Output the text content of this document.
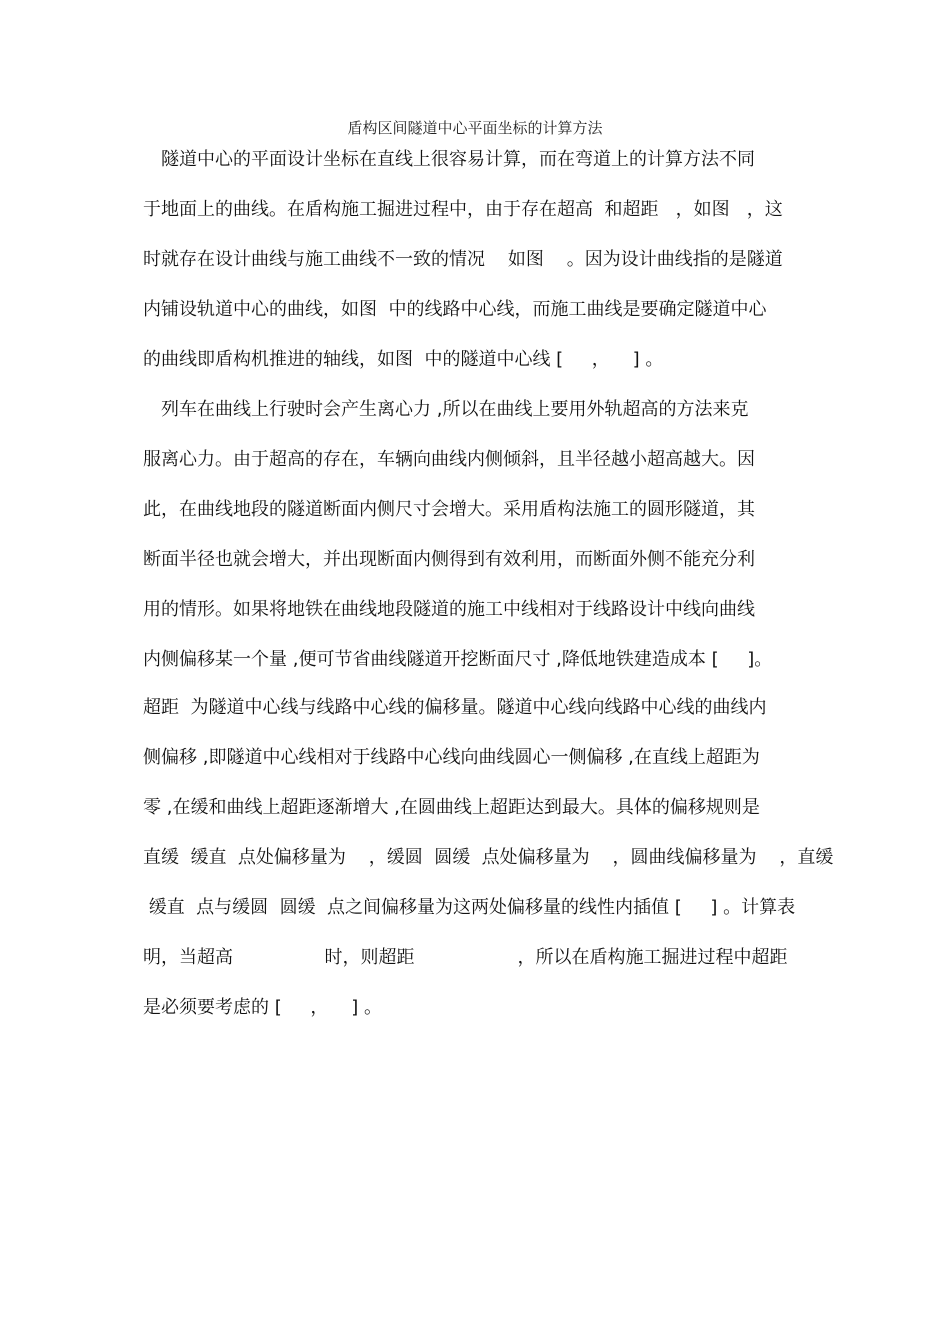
盾构区间隧道中心平面坐标的计算方法
　隧道中心的平面设计坐标在直线上很容易计算，而在弯道上的计算方法不同
于地面上的曲线。在盾构施工掘进过程中，由于存在超高  和超距   ，如图   ，这
时就存在设计曲线与施工曲线不一致的情况    如图    。因为设计曲线指的是隧道
内铺设轨道中心的曲线，如图  中的线路中心线，而施工曲线是要确定隧道中心
的曲线即盾构机推进的轴线，如图  中的隧道中心线 [     ，    ] 。
　列车在曲线上行驶时会产生离心力 ,所以在曲线上要用外轨超高的方法来克
服离心力。由于超高的存在，车辆向曲线内侧倾斜，且半径越小超高越大。因
此，在曲线地段的隧道断面内侧尺寸会增大。采用盾构法施工的圆形隧道，其
断面半径也就会增大，并出现断面内侧得到有效利用，而断面外侧不能充分利
用的情形。如果将地铁在曲线地段隧道的施工中线相对于线路设计中线向曲线
内侧偏移某一个量 ,便可节省曲线隧道开挖断面尺寸 ,降低地铁建造成本 [     ]。
超距  为隧道中心线与线路中心线的偏移量。隧道中心线向线路中心线的曲线内
侧偏移 ,即隧道中心线相对于线路中心线向曲线圆心一侧偏移 ,在直线上超距为
零 ,在缓和曲线上超距逐渐增大 ,在圆曲线上超距达到最大。具体的偏移规则是
直缓  缓直  点处偏移量为    ，缓圆  圆缓  点处偏移量为    ，圆曲线偏移量为    ，直缓
缓直  点与缓圆  圆缓  点之间偏移量为这两处偏移量的线性内插值 [     ] 。计算表
明，当超高                时，则超距                  ，所以在盾构施工掘进过程中超距
是必须要考虑的 [     ，    ] 。
